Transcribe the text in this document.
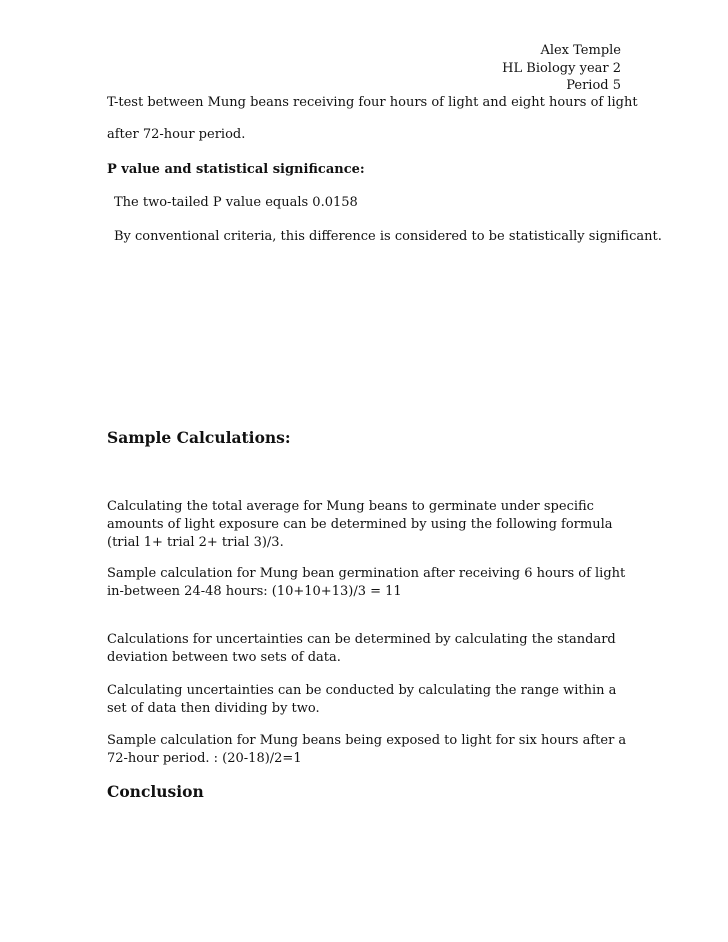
Alex Temple

HL Biology year 2

Period 5

T-test between Mung beans receiving four hours of light and eight hours of light

after 72-hour period.

P value and statistical significance:

The two-tailed P value equals 0.0158

By conventional criteria, this difference is considered to be statistically significant.

Sample Calculations:

Calculating the total average for Mung beans to germinate under specific amounts of light exposure can be determined by using the following formula (trial 1+ trial 2+ trial 3)/3.

Sample calculation for Mung bean germination after receiving 6 hours of light in-between 24-48 hours: (10+10+13)/3 = 11

Calculations for uncertainties can be determined by calculating the standard deviation between two sets of data.

Calculating uncertainties can be conducted by calculating the range within a set of data then dividing by two.

Sample calculation for Mung beans being exposed to light for six hours after a 72-hour period. : (20-18)/2=1

Conclusion
